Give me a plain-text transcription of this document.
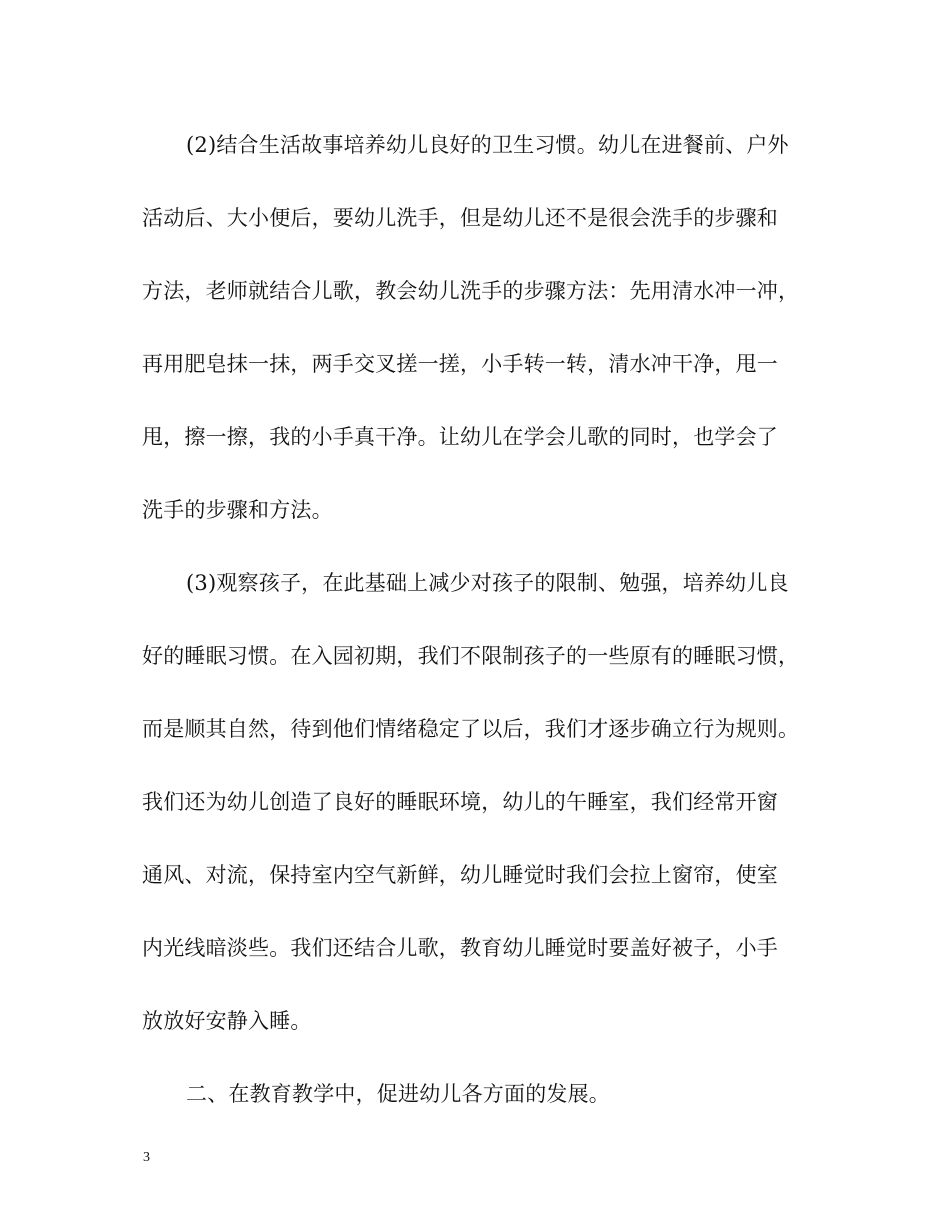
(2)结合生活故事培养幼儿良好的卫生习惯。幼儿在进餐前、户外
活动后、大小便后，要幼儿洗手，但是幼儿还不是很会洗手的步骤和
方法，老师就结合儿歌，教会幼儿洗手的步骤方法：先用清水冲一冲，
再用肥皂抹一抹，两手交叉搓一搓，小手转一转，清水冲干净，甩一
甩，擦一擦，我的小手真干净。让幼儿在学会儿歌的同时，也学会了
洗手的步骤和方法。
(3)观察孩子，在此基础上减少对孩子的限制、勉强，培养幼儿良
好的睡眠习惯。在入园初期，我们不限制孩子的一些原有的睡眠习惯，
而是顺其自然，待到他们情绪稳定了以后，我们才逐步确立行为规则。
我们还为幼儿创造了良好的睡眠环境，幼儿的午睡室，我们经常开窗
通风、对流，保持室内空气新鲜，幼儿睡觉时我们会拉上窗帘，使室
内光线暗淡些。我们还结合儿歌，教育幼儿睡觉时要盖好被子，小手
放放好安静入睡。
二、在教育教学中，促进幼儿各方面的发展。
3
